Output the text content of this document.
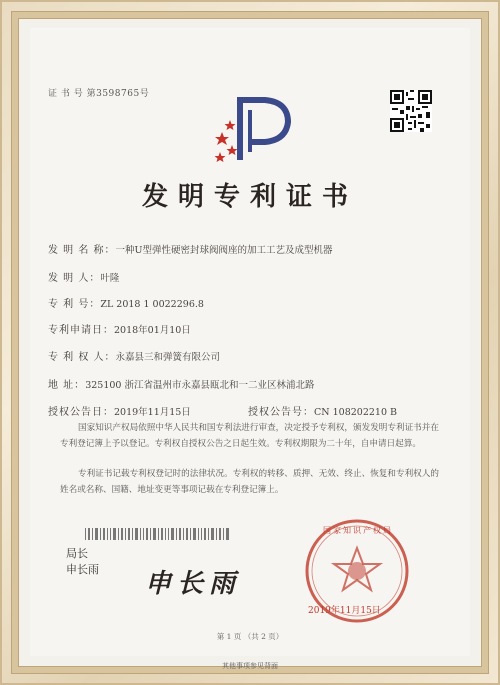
证 书 号 第3598765号
发明专利证书
发 明 名 称：一种U型弹性硬密封球阀阀座的加工工艺及成型机器
发 明 人：叶隆
专 利 号：ZL 2018 1 0022296.8
专利申请日：2018年01月10日
专 利 权 人：永嘉县三和弹簧有限公司
地 址：325100 浙江省温州市永嘉县瓯北和一二业区林浦北路
授权公告日：2019年11月15日	授权公告号：CN 108202210 B
国家知识产权局依照中华人民共和国专利法进行审查，决定授予专利权，颁发发明专利证书并在专利登记簿上予以登记。专利权自授权公告之日起生效。专利权期限为二十年，自申请日起算。
专利证书记载专利权登记时的法律状况。专利权的转移、质押、无效、终止、恢复和专利权人的姓名或名称、国籍、地址变更等事项记载在专利登记簿上。
局长
申长雨 申长雨
国家知识产权局
2019年11月15日
第 1 页 （共 2 页）
其他事项参见背面
